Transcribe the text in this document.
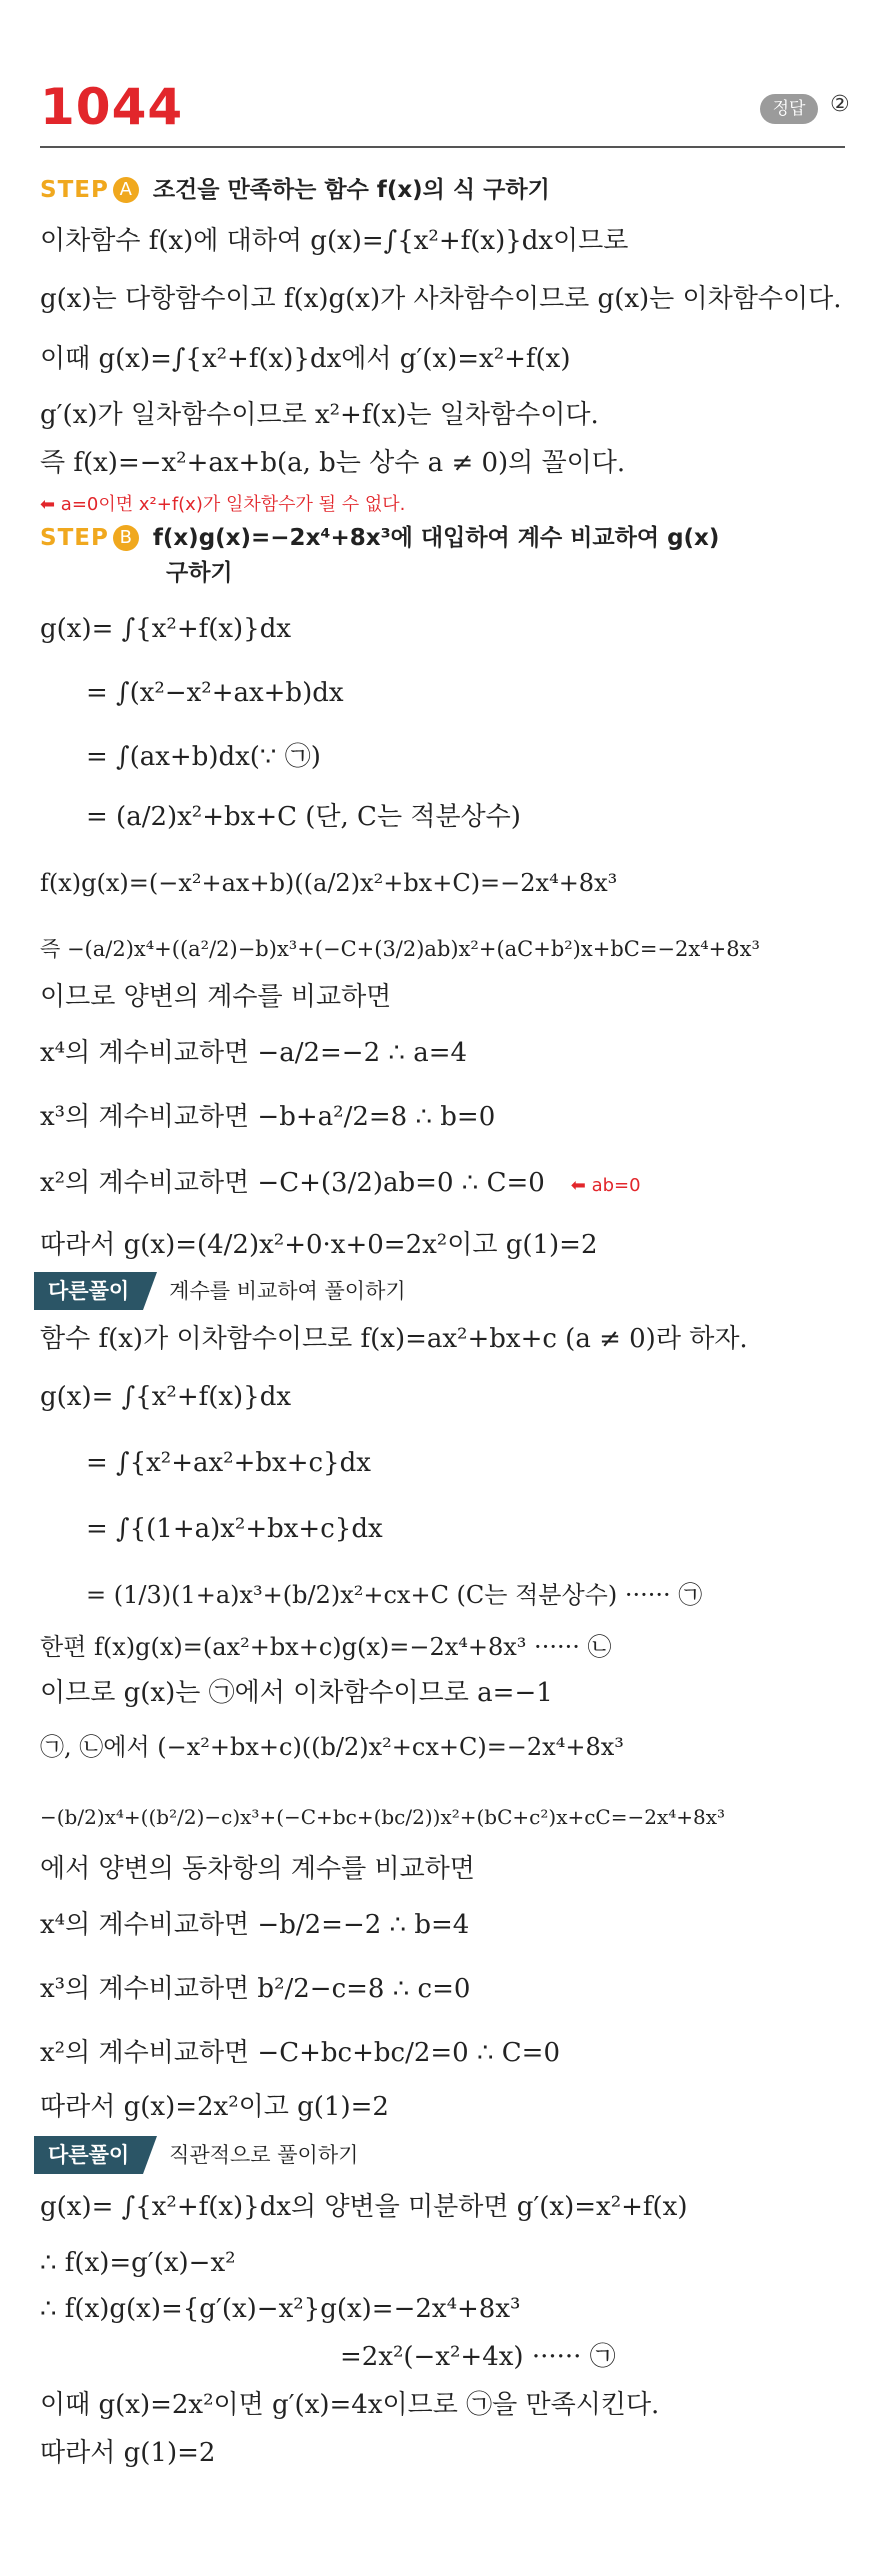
1044	정답	②
STEP A 조건을 만족하는 함수 f(x)의 식 구하기
이차함수 f(x)에 대하여 g(x)=∫{x²+f(x)}dx이므로
g(x)는 다항함수이고 f(x)g(x)가 사차함수이므로 g(x)는 이차함수이다.
이때 g(x)=∫{x²+f(x)}dx에서 g′(x)=x²+f(x)
g′(x)가 일차함수이므로 x²+f(x)는 일차함수이다.
즉 f(x)=−x²+ax+b(a, b는 상수 a ≠ 0)의 꼴이다.
⬅ a=0이면 x²+f(x)가 일차함수가 될 수 없다.
STEP B f(x)g(x)=−2x⁴+8x³에 대입하여 계수 비교하여 g(x)
구하기
g(x)= ∫{x²+f(x)}dx
= ∫(x²−x²+ax+b)dx
= ∫(ax+b)dx(∵ ㉠)
= (a/2)x²+bx+C (단, C는 적분상수)
f(x)g(x)=(−x²+ax+b)((a/2)x²+bx+C)=−2x⁴+8x³
즉 −(a/2)x⁴+((a²/2)−b)x³+(−C+(3/2)ab)x²+(aC+b²)x+bC=−2x⁴+8x³
이므로 양변의 계수를 비교하면
x⁴의 계수비교하면 −a/2=−2 ∴ a=4
x³의 계수비교하면 −b+a²/2=8 ∴ b=0
x²의 계수비교하면 −C+(3/2)ab=0 ∴ C=0 ⬅ ab=0
따라서 g(x)=(4/2)x²+0·x+0=2x²이고 g(1)=2
다른풀이 계수를 비교하여 풀이하기
함수 f(x)가 이차함수이므로 f(x)=ax²+bx+c (a ≠ 0)라 하자.
g(x)= ∫{x²+f(x)}dx
= ∫{x²+ax²+bx+c}dx
= ∫{(1+a)x²+bx+c}dx
= (1/3)(1+a)x³+(b/2)x²+cx+C (C는 적분상수) ······ ㉠
한편 f(x)g(x)=(ax²+bx+c)g(x)=−2x⁴+8x³ ······ ㉡
이므로 g(x)는 ㉠에서 이차함수이므로 a=−1
㉠, ㉡에서 (−x²+bx+c)((b/2)x²+cx+C)=−2x⁴+8x³
−(b/2)x⁴+((b²/2)−c)x³+(−C+bc+(bc/2))x²+(bC+c²)x+cC=−2x⁴+8x³
에서 양변의 동차항의 계수를 비교하면
x⁴의 계수비교하면 −b/2=−2 ∴ b=4
x³의 계수비교하면 b²/2−c=8 ∴ c=0
x²의 계수비교하면 −C+bc+bc/2=0 ∴ C=0
따라서 g(x)=2x²이고 g(1)=2
다른풀이 직관적으로 풀이하기
g(x)= ∫{x²+f(x)}dx의 양변을 미분하면 g′(x)=x²+f(x)
∴ f(x)=g′(x)−x²
∴ f(x)g(x)={g′(x)−x²}g(x)=−2x⁴+8x³
=2x²(−x²+4x) ······ ㉠
이때 g(x)=2x²이면 g′(x)=4x이므로 ㉠을 만족시킨다.
따라서 g(1)=2
